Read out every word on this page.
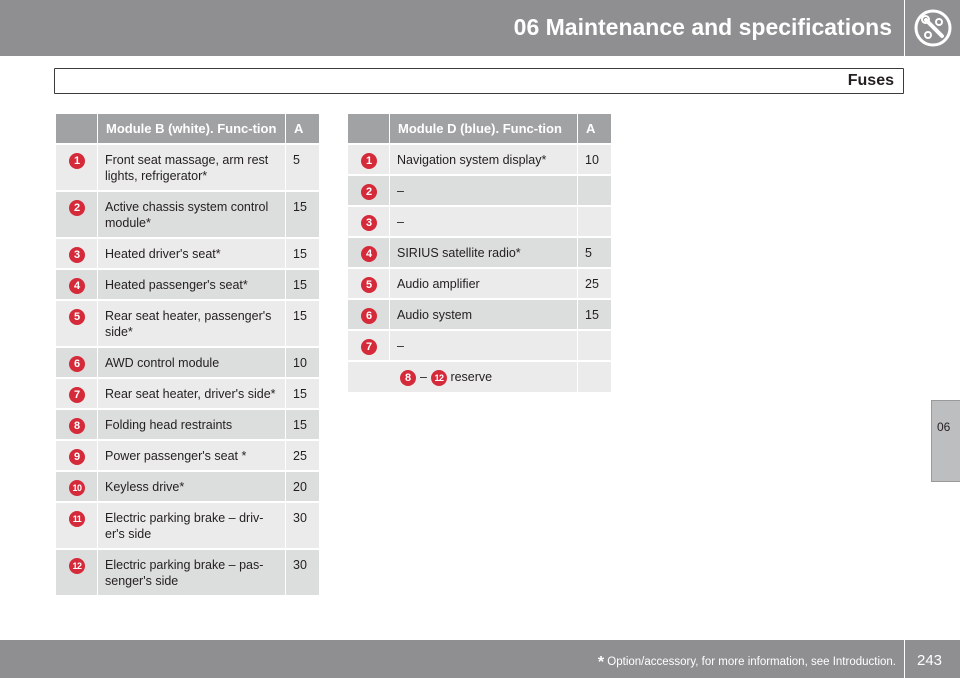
06 Maintenance and specifications
Fuses
	Module B (white). Func-tion	A
1	Front seat massage, arm rest lights, refrigerator*	5
2	Active chassis system control module*	15
3	Heated driver's seat*	15
4	Heated passenger's seat*	15
5	Rear seat heater, passenger's side*	15
6	AWD control module	10
7	Rear seat heater, driver's side*	15
8	Folding head restraints	15
9	Power passenger's seat *	25
10	Keyless drive*	20
11	Electric parking brake – driv-er's side	30
12	Electric parking brake – pas-senger's side	30
	Module D (blue). Func-tion	A
1	Navigation system display*	10
2	–	
3	–	
4	SIRIUS satellite radio*	5
5	Audio amplifier	25
6	Audio system	15
7	–	
8 – 12 reserve		
06
* Option/accessory, for more information, see Introduction. 243
